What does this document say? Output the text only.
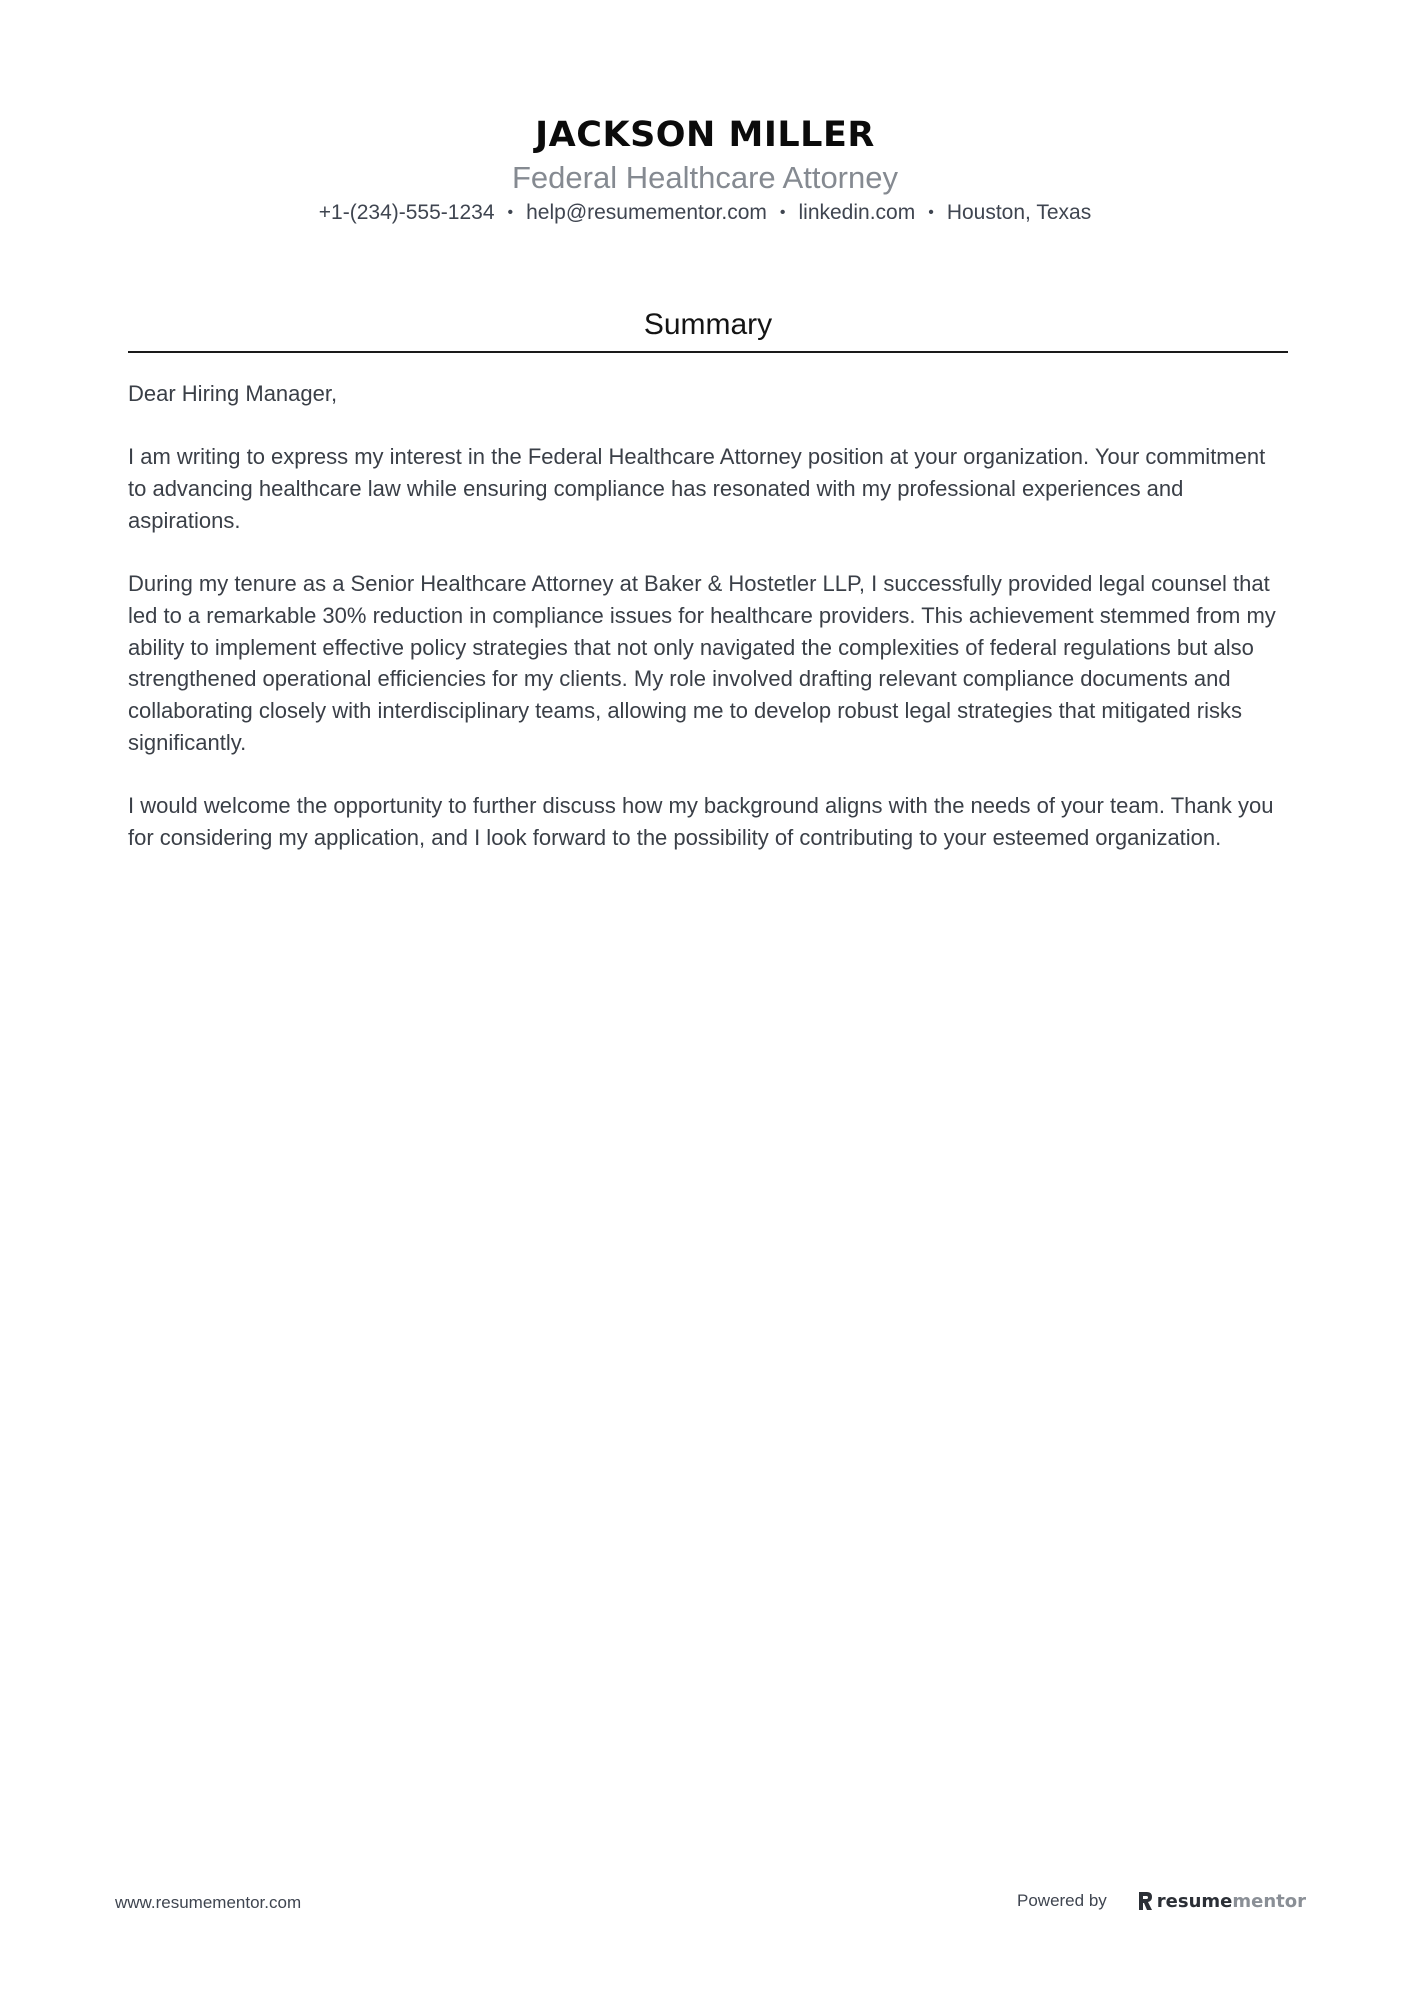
JACKSON MILLER
Federal Healthcare Attorney
+1-(234)-555-1234 • help@resumementor.com • linkedin.com • Houston, Texas
Summary

Dear Hiring Manager,

I am writing to express my interest in the Federal Healthcare Attorney position at your organization. Your commitment to advancing healthcare law while ensuring compliance has resonated with my professional experiences and aspirations.

During my tenure as a Senior Healthcare Attorney at Baker & Hostetler LLP, I successfully provided legal counsel that led to a remarkable 30% reduction in compliance issues for healthcare providers. This achievement stemmed from my ability to implement effective policy strategies that not only navigated the complexities of federal regulations but also strengthened operational efficiencies for my clients. My role involved drafting relevant compliance documents and collaborating closely with interdisciplinary teams, allowing me to develop robust legal strategies that mitigated risks significantly.

I would welcome the opportunity to further discuss how my background aligns with the needs of your team. Thank you for considering my application, and I look forward to the possibility of contributing to your esteemed organization.

www.resumementor.com	Powered by	resume mentor
